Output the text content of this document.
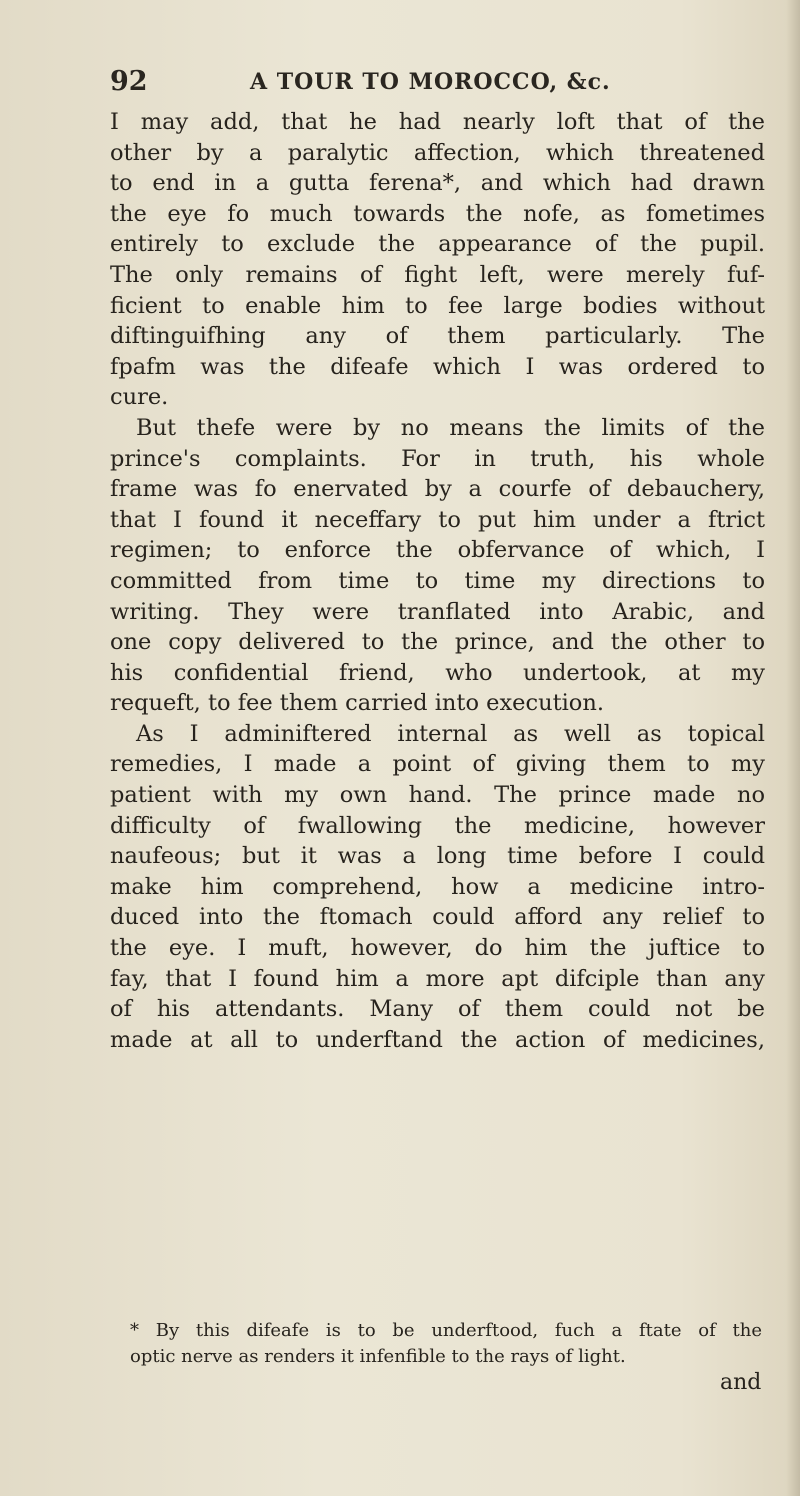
92	A TOUR TO MOROCCO, &c.
I may add, that he had nearly loft that of the
other by a paralytic affection, which threatened
to end in a gutta ferena*, and which had drawn
the eye fo much towards the nofe, as fometimes
entirely to exclude the appearance of the pupil.
The only remains of fight left, were merely fuf-
ficient to enable him to fee large bodies without
diftinguifhing any of them particularly. The
fpafm was the difeafe which I was ordered to
cure.
But thefe were by no means the limits of the
prince's complaints. For in truth, his whole
frame was fo enervated by a courfe of debauchery,
that I found it neceffary to put him under a ftrict
regimen; to enforce the obfervance of which, I
committed from time to time my directions to
writing. They were tranflated into Arabic, and
one copy delivered to the prince, and the other to
his confidential friend, who undertook, at my
requeft, to fee them carried into execution.
As I adminiftered internal as well as topical
remedies, I made a point of giving them to my
patient with my own hand. The prince made no
difficulty of fwallowing the medicine, however
naufeous; but it was a long time before I could
make him comprehend, how a medicine intro-
duced into the ftomach could afford any relief to
the eye. I muft, however, do him the juftice to
fay, that I found him a more apt difciple than any
of his attendants. Many of them could not be
made at all to underftand the action of medicines,
* By this difeafe is to be underftood, fuch a ftate of the
optic nerve as renders it infenfible to the rays of light.
and
